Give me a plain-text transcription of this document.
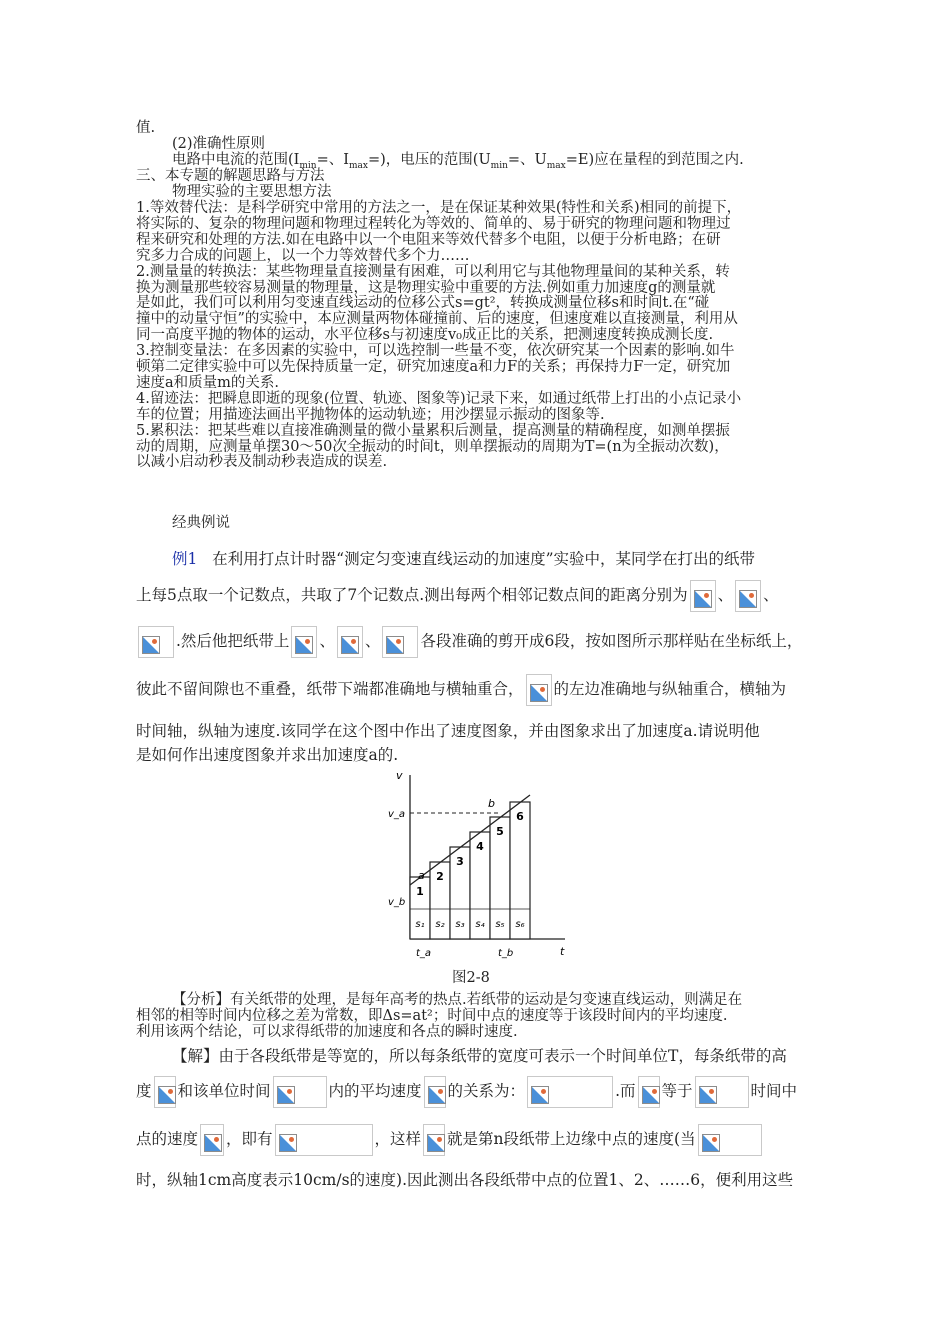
值.
(2)准确性原则
电路中电流的范围($I_{min}=$、$I_{max}=$)，电压的范围($U_{min}=$、$U_{max}=E$)应在量程的到范围之内.
三、本专题的解题思路与方法
物理实验的主要思想方法
1.等效替代法：是科学研究中常用的方法之一，是在保证某种效果(特性和关系)相同的前提下，
将实际的、复杂的物理问题和物理过程转化为等效的、简单的、易于研究的物理问题和物理过
程来研究和处理的方法.如在电路中以一个电阻来等效代替多个电阻，以便于分析电路；在研
究多力合成的问题上，以一个力等效替代多个力……
2.测量量的转换法：某些物理量直接测量有困难，可以利用它与其他物理量间的某种关系，转
换为测量那些较容易测量的物理量，这是物理实验中重要的方法.例如重力加速度g的测量就
是如此，我们可以利用匀变速直线运动的位移公式s=gt²，转换成测量位移s和时间t.在“碰
撞中的动量守恒”的实验中，本应测量两物体碰撞前、后的速度，但速度难以直接测量，利用从
同一高度平抛的物体的运动，水平位移s与初速度v₀成正比的关系，把测速度转换成测长度.
3.控制变量法：在多因素的实验中，可以选控制一些量不变，依次研究某一个因素的影响.如牛
顿第二定律实验中可以先保持质量一定，研究加速度a和力F的关系；再保持力F一定，研究加
速度a和质量m的关系.
4.留迹法：把瞬息即逝的现象(位置、轨迹、图象等)记录下来，如通过纸带上打出的小点记录小
车的位置；用描迹法画出平抛物体的运动轨迹；用沙摆显示振动的图象等.
5.累积法：把某些难以直接准确测量的微小量累积后测量，提高测量的精确程度，如测单摆振
动的周期，应测量单摆30～50次全振动的时间t，则单摆振动的周期为T=(n为全振动次数)，
以减小启动秒表及制动秒表造成的误差.
经典例说
例1 在利用打点计时器“测定匀变速直线运动的加速度”实验中，某同学在打出的纸带
上每5点取一个记数点，共取了7个记数点.测出每两个相邻记数点间的距离分别为 、 、
.然后他把纸带上 、 、	各段准确的剪开成6段，按如图所示那样贴在坐标纸上，
彼此不留间隙也不重叠，纸带下端都准确地与横轴重合， 的左边准确地与纵轴重合，横轴为
时间轴，纵轴为速度.该同学在这个图中作出了速度图象，并由图象求出了加速度a.请说明他
是如何作出速度图象并求出加速度a的.
v
t
v_a
v_b
t_a	t_b
1
s₁
2
s₂
3
s₃
4
s₄
5
s₅
6
s₆
a
b
图2-8
【分析】有关纸带的处理，是每年高考的热点.若纸带的运动是匀变速直线运动，则满足在
相邻的相等时间内位移之差为常数，即Δs=at²；时间中点的速度等于该段时间内的平均速度.
利用该两个结论，可以求得纸带的加速度和各点的瞬时速度.
【解】由于各段纸带是等宽的，所以每条纸带的宽度可表示一个时间单位T，每条纸带的高
度 和该单位时间	内的平均速度 的关系为：	.而 等于	时间中
点的速度 ，即有	，这样 就是第n段纸带上边缘中点的速度(当
时，纵轴1cm高度表示10cm/s的速度).因此测出各段纸带中点的位置1、2、……6，便利用这些
